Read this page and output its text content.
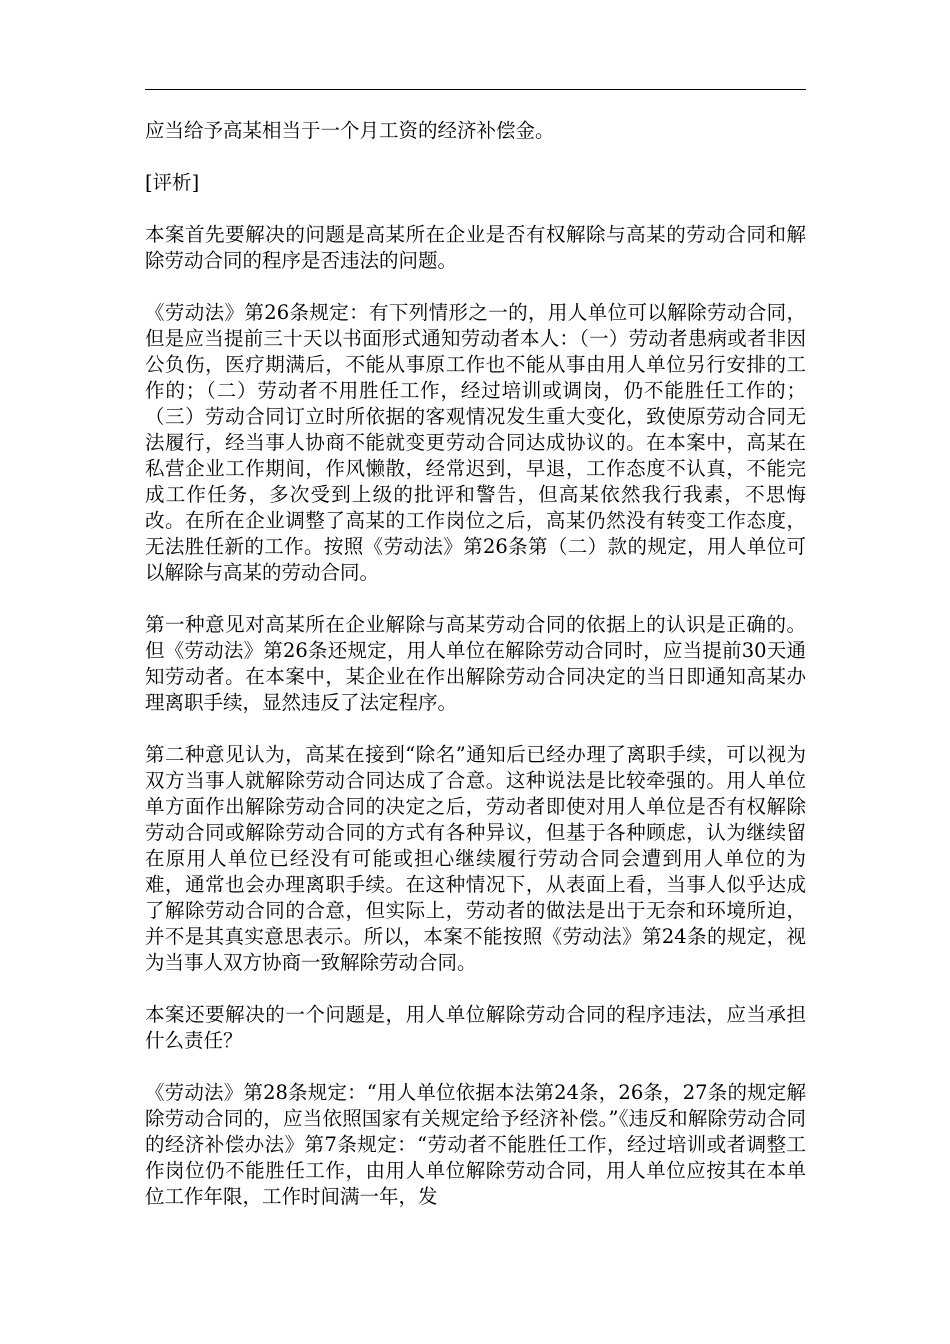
应当给予高某相当于一个月工资的经济补偿金。

[评析]

本案首先要解决的问题是高某所在企业是否有权解除与高某的劳动合同和解除劳动合同的程序是否违法的问题。

《劳动法》第26条规定：有下列情形之一的，用人单位可以解除劳动合同，但是应当提前三十天以书面形式通知劳动者本人：（一）劳动者患病或者非因公负伤，医疗期满后，不能从事原工作也不能从事由用人单位另行安排的工作的；（二）劳动者不用胜任工作，经过培训或调岗，仍不能胜任工作的；（三）劳动合同订立时所依据的客观情况发生重大变化，致使原劳动合同无法履行，经当事人协商不能就变更劳动合同达成协议的。在本案中，高某在私营企业工作期间，作风懒散，经常迟到，早退，工作态度不认真，不能完成工作任务，多次受到上级的批评和警告，但高某依然我行我素，不思悔改。在所在企业调整了高某的工作岗位之后，高某仍然没有转变工作态度，无法胜任新的工作。按照《劳动法》第26条第（二）款的规定，用人单位可以解除与高某的劳动合同。

第一种意见对高某所在企业解除与高某劳动合同的依据上的认识是正确的。但《劳动法》第26条还规定，用人单位在解除劳动合同时，应当提前30天通知劳动者。在本案中，某企业在作出解除劳动合同决定的当日即通知高某办理离职手续，显然违反了法定程序。

第二种意见认为，高某在接到“除名”通知后已经办理了离职手续，可以视为双方当事人就解除劳动合同达成了合意。这种说法是比较牵强的。用人单位单方面作出解除劳动合同的决定之后，劳动者即使对用人单位是否有权解除劳动合同或解除劳动合同的方式有各种异议，但基于各种顾虑，认为继续留在原用人单位已经没有可能或担心继续履行劳动合同会遭到用人单位的为难，通常也会办理离职手续。在这种情况下，从表面上看，当事人似乎达成了解除劳动合同的合意，但实际上，劳动者的做法是出于无奈和环境所迫，并不是其真实意思表示。所以，本案不能按照《劳动法》第24条的规定，视为当事人双方协商一致解除劳动合同。

本案还要解决的一个问题是，用人单位解除劳动合同的程序违法，应当承担什么责任？

《劳动法》第28条规定：“用人单位依据本法第24条，26条，27条的规定解除劳动合同的，应当依照国家有关规定给予经济补偿。”《违反和解除劳动合同的经济补偿办法》第7条规定：“劳动者不能胜任工作，经过培训或者调整工作岗位仍不能胜任工作，由用人单位解除劳动合同，用人单位应按其在本单位工作年限，工作时间满一年，发
